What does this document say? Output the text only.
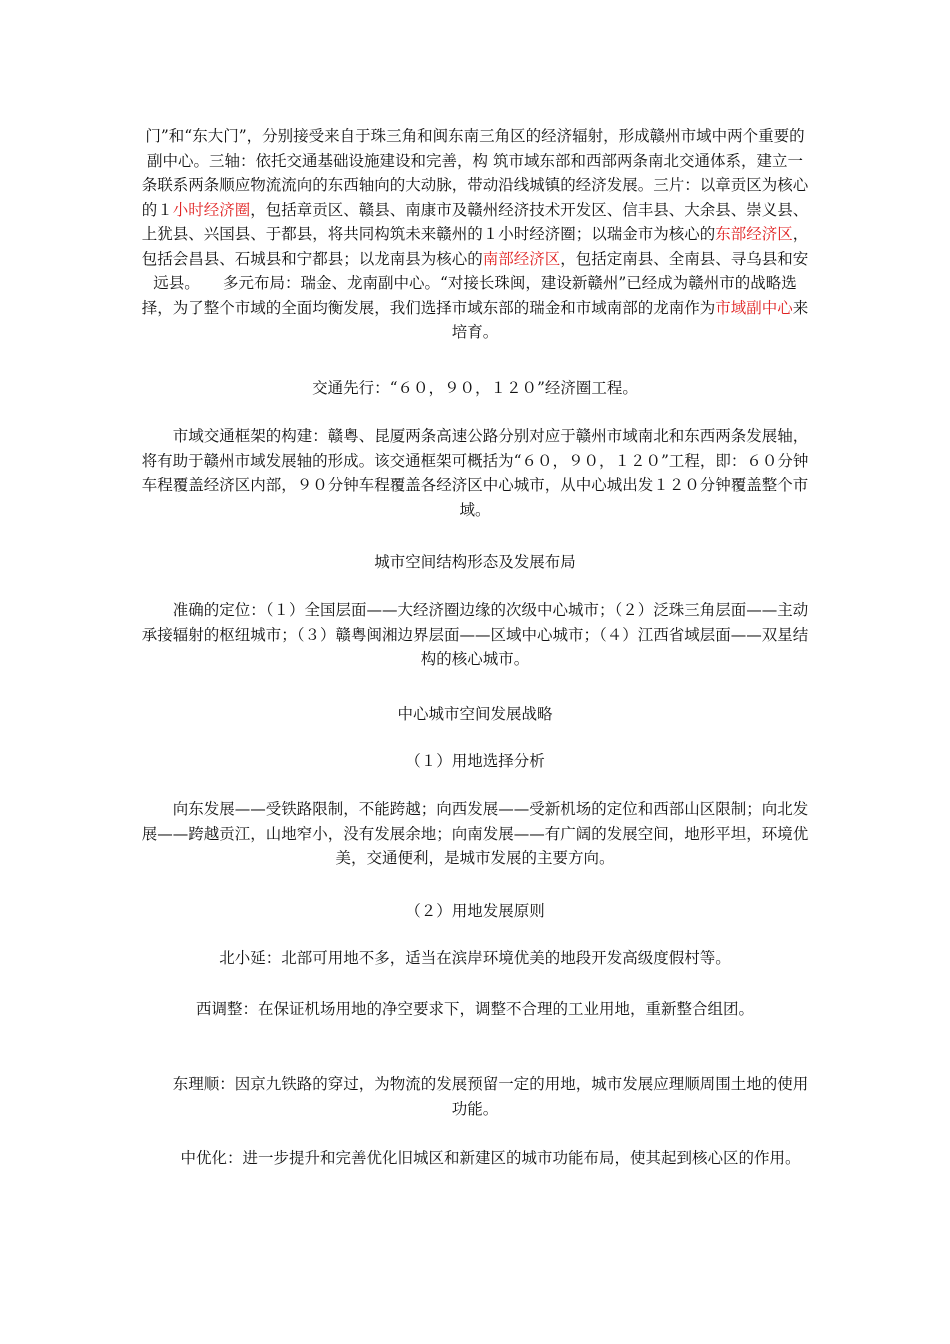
门”和“东大门”，分别接受来自于珠三角和闽东南三角区的经济辐射，形成赣州市域中两个重要的副中心。三轴：依托交通基础设施建设和完善，构 筑市域东部和西部两条南北交通体系，建立一条联系两条顺应物流流向的东西轴向的大动脉，带动沿线城镇的经济发展。三片：以章贡区为核心的１小时经济圈，包括章贡区、赣县、南康市及赣州经济技术开发区、信丰县、大余县、崇义县、上犹县、兴国县、于都县，将共同构筑未来赣州的１小时经济圈；以瑞金市为核心的东部经济区，包括会昌县、石城县和宁都县；以龙南县为核心的南部经济区，包括定南县、全南县、寻乌县和安远县。　　多元布局：瑞金、龙南副中心。“对接长珠闽，建设新赣州”已经成为赣州市的战略选择，为了整个市域的全面均衡发展，我们选择市域东部的瑞金和市域南部的龙南作为市域副中心来培育。

交通先行：“６０，９０，１２０”经济圈工程。

　　市域交通框架的构建：赣粤、昆厦两条高速公路分别对应于赣州市域南北和东西两条发展轴，将有助于赣州市域发展轴的形成。该交通框架可概括为“６０，９０，１２０”工程，即：６０分钟车程覆盖经济区内部，９０分钟车程覆盖各经济区中心城市，从中心城出发１２０分钟覆盖整个市域。

城市空间结构形态及发展布局

　　准确的定位：（１）全国层面——大经济圈边缘的次级中心城市；（２）泛珠三角层面——主动承接辐射的枢纽城市；（３）赣粤闽湘边界层面——区域中心城市；（４）江西省域层面——双星结构的核心城市。

中心城市空间发展战略

（１）用地选择分析

　　向东发展——受铁路限制，不能跨越；向西发展——受新机场的定位和西部山区限制；向北发展——跨越贡江，山地窄小，没有发展余地；向南发展——有广阔的发展空间，地形平坦，环境优美，交通便利，是城市发展的主要方向。

（２）用地发展原则

北小延：北部可用地不多，适当在滨岸环境优美的地段开发高级度假村等。

西调整：在保证机场用地的净空要求下，调整不合理的工业用地，重新整合组团。

　　东理顺：因京九铁路的穿过，为物流的发展预留一定的用地，城市发展应理顺周围土地的使用功能。

　　中优化：进一步提升和完善优化旧城区和新建区的城市功能布局，使其起到核心区的作用。
